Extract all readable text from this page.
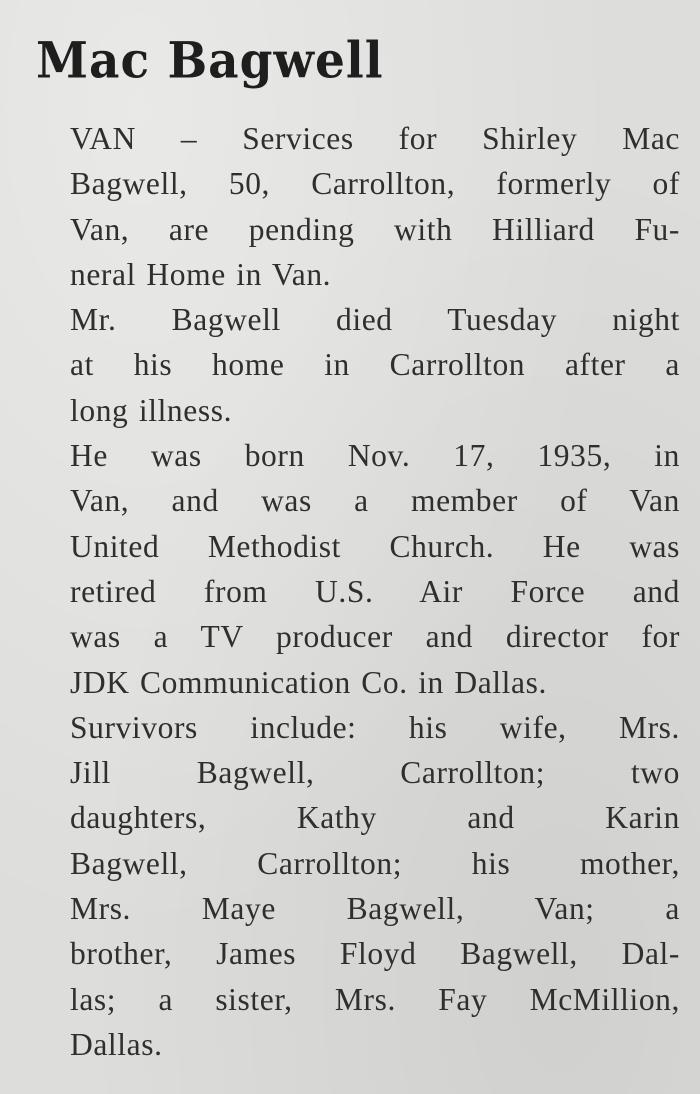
Mac Bagwell

VAN – Services for Shirley Mac
Bagwell, 50, Carrollton, formerly of
Van, are pending with Hilliard Fu-
neral Home in Van.

Mr. Bagwell died Tuesday night
at his home in Carrollton after a
long illness.

He was born Nov. 17, 1935, in
Van, and was a member of Van
United Methodist Church. He was
retired from U.S. Air Force and
was a TV producer and director for
JDK Communication Co. in Dallas.

Survivors include: his wife, Mrs.
Jill Bagwell, Carrollton; two
daughters, Kathy and Karin
Bagwell, Carrollton; his mother,
Mrs. Maye Bagwell, Van; a
brother, James Floyd Bagwell, Dal-
las; a sister, Mrs. Fay McMillion,
Dallas.
